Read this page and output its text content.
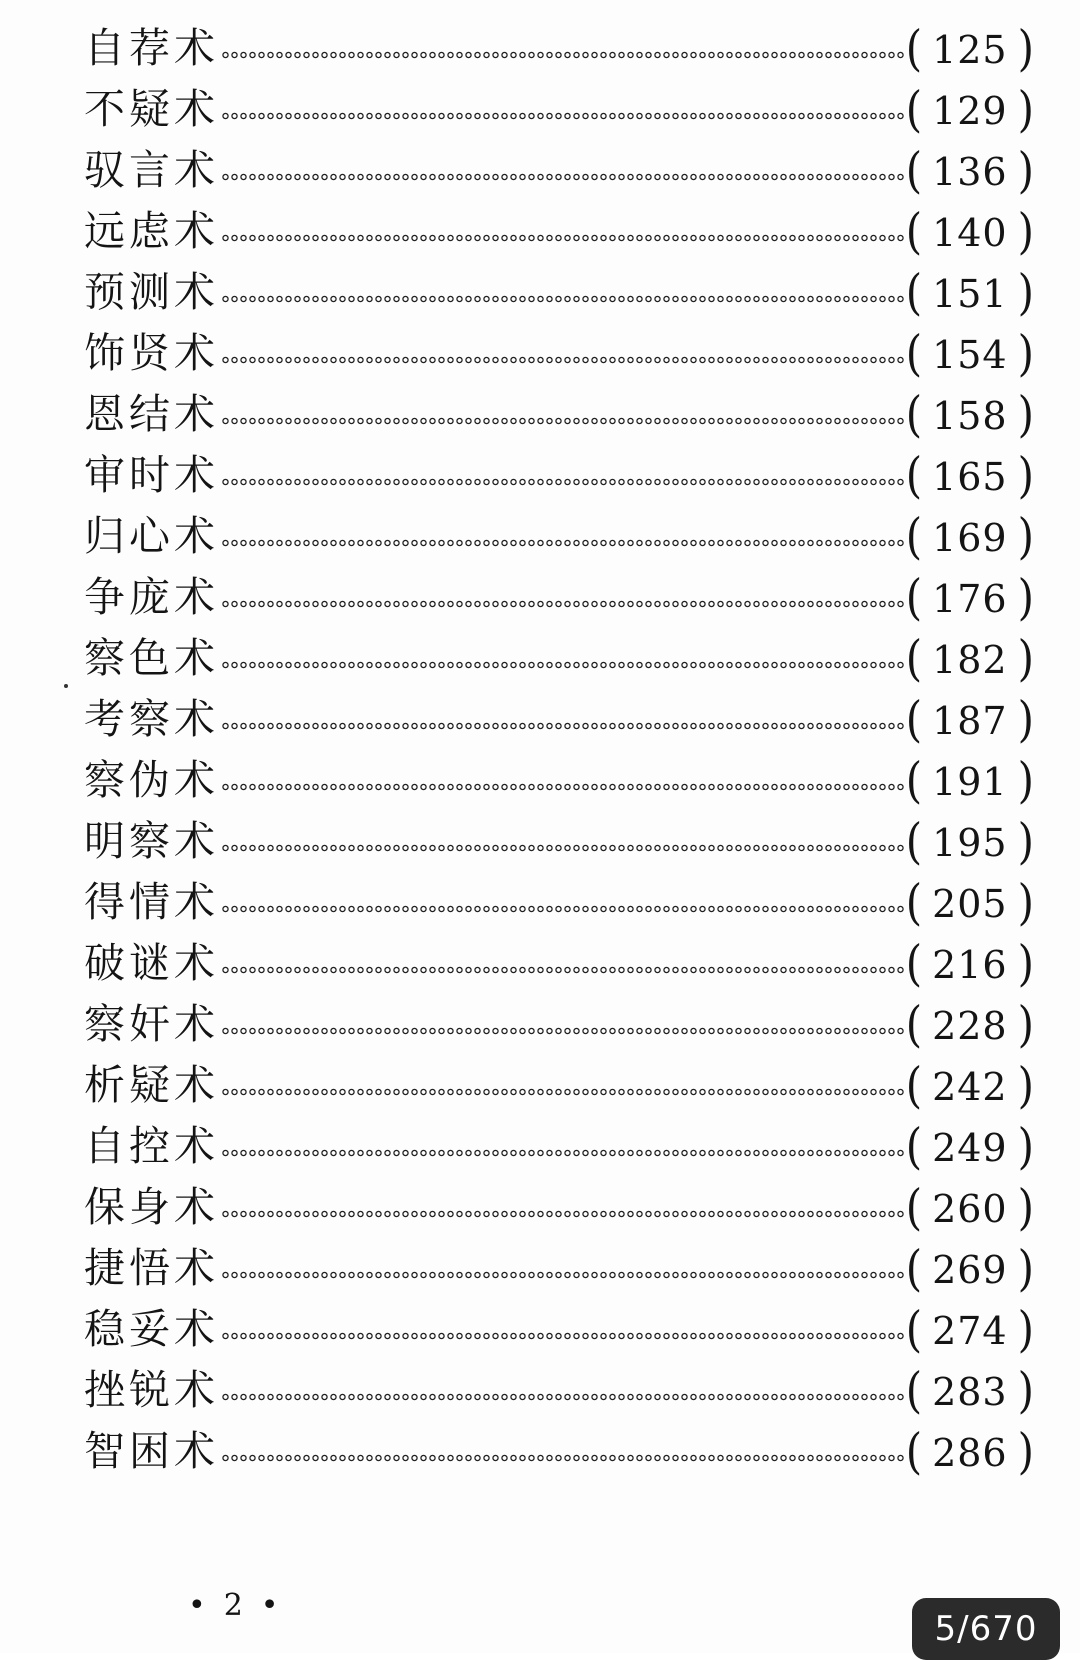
自荐术	( 125 )
不疑术	( 129 )
驭言术	( 136 )
远虑术	( 140 )
预测术	( 151 )
饰贤术	( 154 )
恩结术	( 158 )
审时术	( 165 )
归心术	( 169 )
争庞术	( 176 )
察色术	( 182 )
考察术	( 187 )
察伪术	( 191 )
明察术	( 195 )
得情术	( 205 )
破谜术	( 216 )
察奸术	( 228 )
析疑术	( 242 )
自控术	( 249 )
保身术	( 260 )
捷悟术	( 269 )
稳妥术	( 274 )
挫锐术	( 283 )
智困术	( 286 )
•2•
5/670
